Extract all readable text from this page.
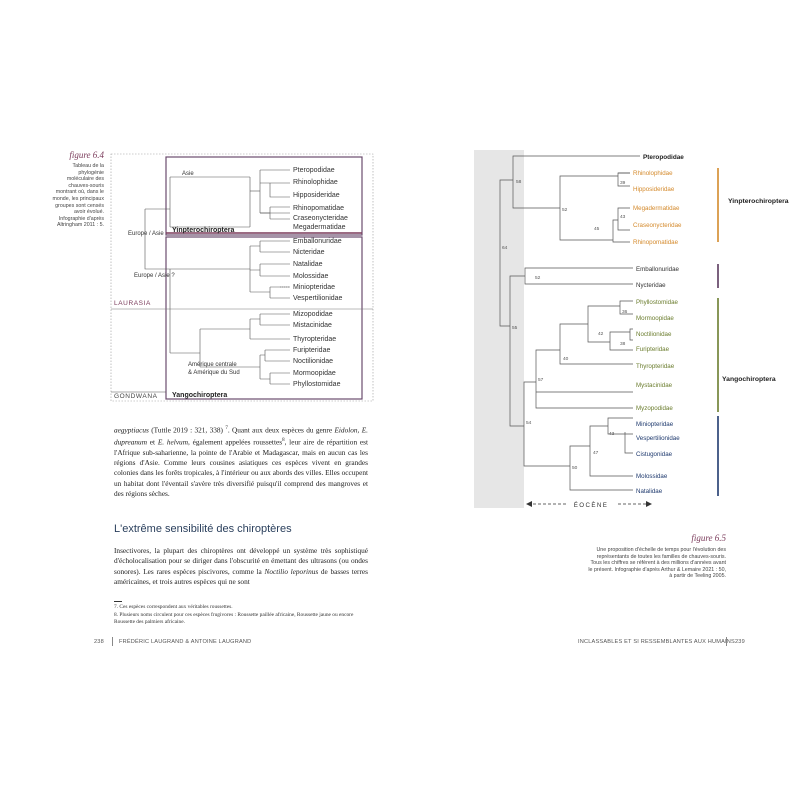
figure 6.4
Tableau de la phylogénie moléculaire des chauves-souris montrant où, dans le monde, les principaux groupes sont censés avoir évolué. Infographie d'après Altringham 2011 : 5.
Pteropodidae
Rhinolophidae
Hipposideridae
Rhinopomatidae
Craseonycteridae
Megadermatidae
Emballonuridae
Nicteridae
Natalidae
Molossidae
Miniopteridae
Vespertilionidae
Mizopodidae
Mistacinidae
Thyropteridae
Furipteridae
Noctilionidae
Mormoopidae
Phyllostomidae
Asie
Europe / Asie
Europe / Asie ?
Amérique centrale
& Amérique du Sud
Yinpterochiroptera
Yangochiroptera
LAURASIA
GONDWANA
aegyptiacus (Tuttle 2019 : 321, 338) $^7$. Quant aux deux espèces du genre Eidolon, E. dupreanum et E. helvum, également appelées roussettes$^8$, leur aire de répartition est l'Afrique sub-saharienne, la pointe de l'Arabie et Madagascar, mais en aucun cas les régions d'Asie. Comme leurs cousines asiatiques ces espèces vivent en grandes colonies dans les forêts tropicales, à l'intérieur ou aux abords des villes. Elles occupent un habitat dont l'éventail s'avère très diversifié puisqu'il comprend des mangroves et des régions sèches.
L'extrême sensibilité des chiroptères
Insectivores, la plupart des chiroptères ont développé un système très sophistiqué d'écholocalisation pour se diriger dans l'obscurité en émettant des ultrasons (ou ondes sonores). Les rares espèces piscivores, comme la Noctilio leporinus de basses terres américaines, et trois autres espèces qui ne sont
7. Ces espèces correspondent aux véritables roussettes.
8. Plusieurs noms circulent pour ces espèces frugivores : Roussette paillée africaine, Roussette jaune ou encore Roussette des palmiers africaine.
238	FRÉDÉRIC LAUGRAND & ANTOINE LAUGRAND
Pteropodidae
Rhinolophidae
Hipposideridae
Megadermatidae
Craseonycteridae
Rhinopomatidae
Emballonuridae
Nycteridae
Phyllostomidae
Mormoopidae
Noctilionidae
Furipteridae
Thyropteridae
Mystacinidae
Myzopodidae
Miniopteridae
Vespertilionidae
Cistugonidae
Molossidae
Natalidae
58	39
52
43
45
64
52
55
36
42
40
38
57
54
43
47
50
Yinpterochiroptera
Yangochiroptera
ÉOCÈNE
figure 6.5
Une proposition d'échelle de temps pour l'évolution des représentants de toutes les familles de chauves-souris. Tous les chiffres se réfèrent à des millions d'années avant le présent. Infographie d'après Arthur & Lemaire 2021 : 50, à partir de Teeling 2005.
INCLASSABLES ET SI RESSEMBLANTES AUX HUMAINS 239
